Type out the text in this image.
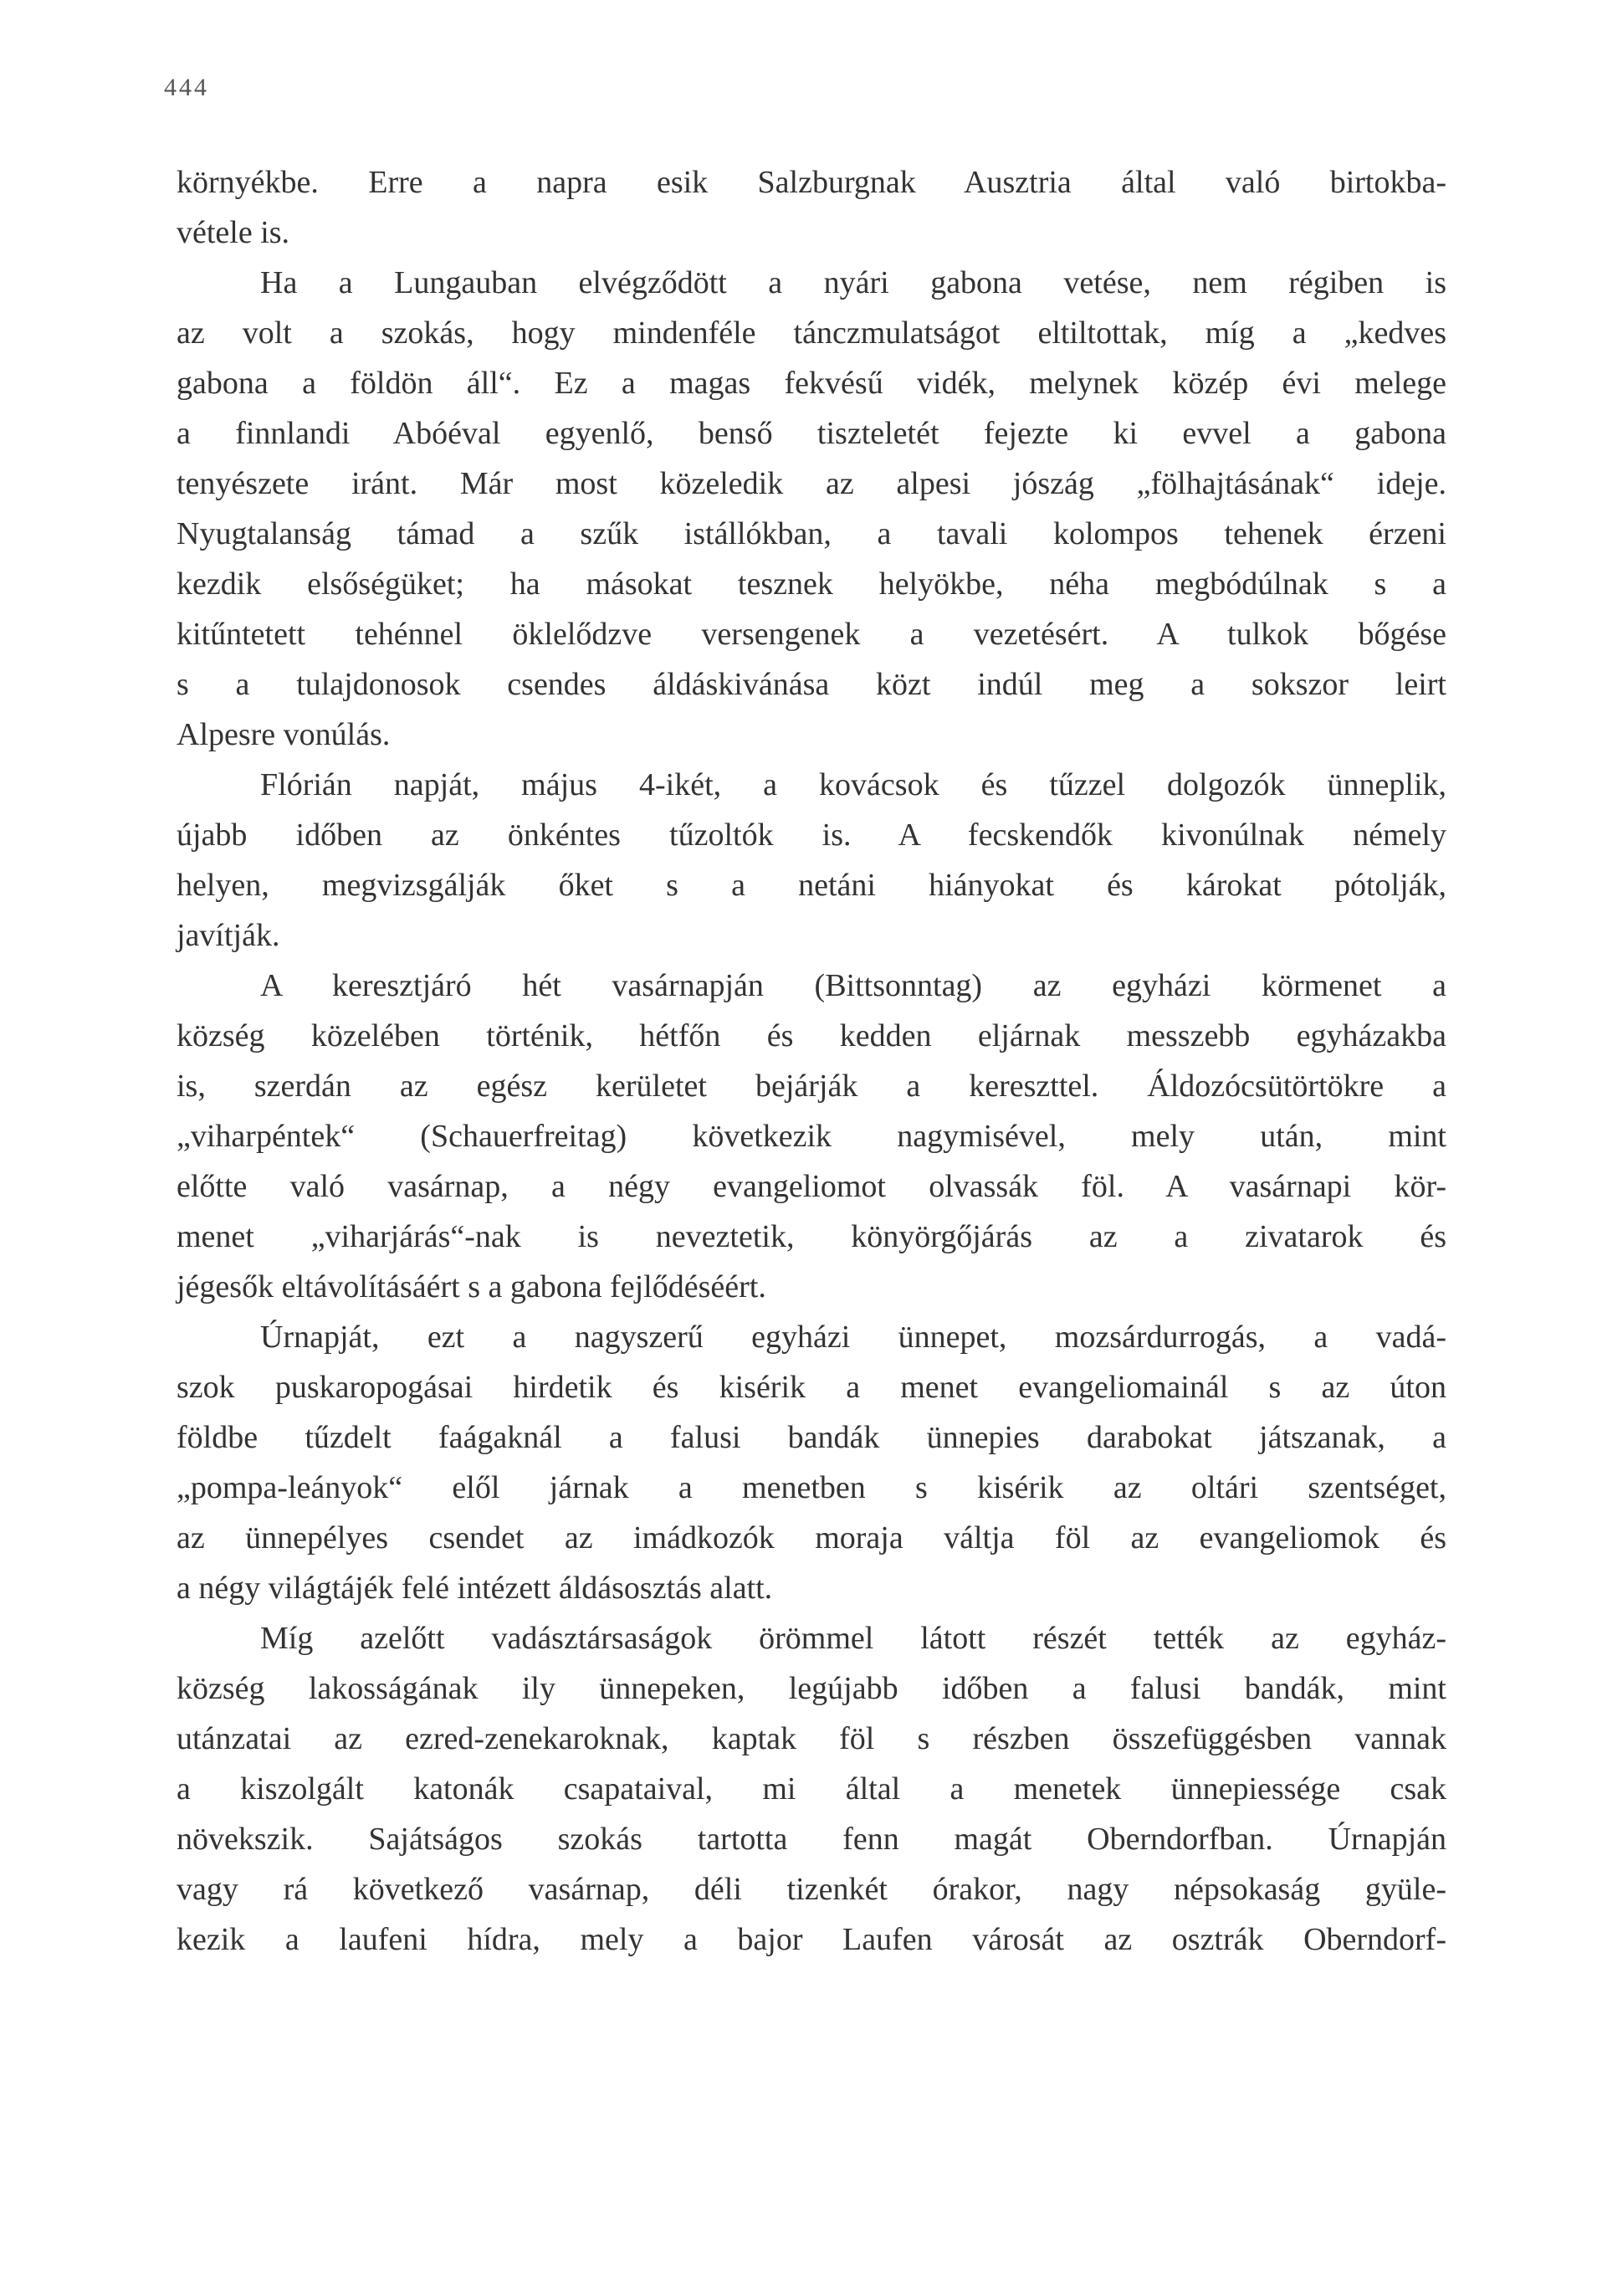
444
környékbe. Erre a napra esik Salzburgnak Ausztria által való birtokba-
vétele is.
Ha a Lungauban elvégződött a nyári gabona vetése, nem régiben is
az volt a szokás, hogy mindenféle tánczmulatságot eltiltottak, míg a „kedves
gabona a földön áll“. Ez a magas fekvésű vidék, melynek közép évi melege
a finnlandi Abóéval egyenlő, benső tiszteletét fejezte ki evvel a gabona
tenyészete iránt. Már most közeledik az alpesi jószág „fölhajtásának“ ideje.
Nyugtalanság támad a szűk istállókban, a tavali kolompos tehenek érzeni
kezdik elsőségüket; ha másokat tesznek helyökbe, néha megbódúlnak s a
kitűntetett tehénnel öklelődzve versengenek a vezetésért. A tulkok bőgése
s a tulajdonosok csendes áldáskivánása közt indúl meg a sokszor leirt
Alpesre vonúlás.
Flórián napját, május 4-ikét, a kovácsok és tűzzel dolgozók ünneplik,
újabb időben az önkéntes tűzoltók is. A fecskendők kivonúlnak némely
helyen, megvizsgálják őket s a netáni hiányokat és károkat pótolják,
javítják.
A keresztjáró hét vasárnapján (Bittsonntag) az egyházi körmenet a
község közelében történik, hétfőn és kedden eljárnak messzebb egyházakba
is, szerdán az egész kerületet bejárják a kereszttel. Áldozócsütörtökre a
„viharpéntek“ (Schauerfreitag) következik nagymisével, mely után, mint
előtte való vasárnap, a négy evangeliomot olvassák föl. A vasárnapi kör-
menet „viharjárás“-nak is neveztetik, könyörgőjárás az a zivatarok és
jégesők eltávolításáért s a gabona fejlődéséért.
Úrnapját, ezt a nagyszerű egyházi ünnepet, mozsárdurrogás, a vadá-
szok puskaropogásai hirdetik és kisérik a menet evangeliomainál s az úton
földbe tűzdelt faágaknál a falusi bandák ünnepies darabokat játszanak, a
„pompa-leányok“ elől járnak a menetben s kisérik az oltári szentséget,
az ünnepélyes csendet az imádkozók moraja váltja föl az evangeliomok és
a négy világtájék felé intézett áldásosztás alatt.
Míg azelőtt vadásztársaságok örömmel látott részét tették az egyház-
község lakosságának ily ünnepeken, legújabb időben a falusi bandák, mint
utánzatai az ezred-zenekaroknak, kaptak föl s részben összefüggésben vannak
a kiszolgált katonák csapataival, mi által a menetek ünnepiessége csak
növekszik. Sajátságos szokás tartotta fenn magát Oberndorfban. Úrnapján
vagy rá következő vasárnap, déli tizenkét órakor, nagy népsokaság gyüle-
kezik a laufeni hídra, mely a bajor Laufen városát az osztrák Oberndorf-
